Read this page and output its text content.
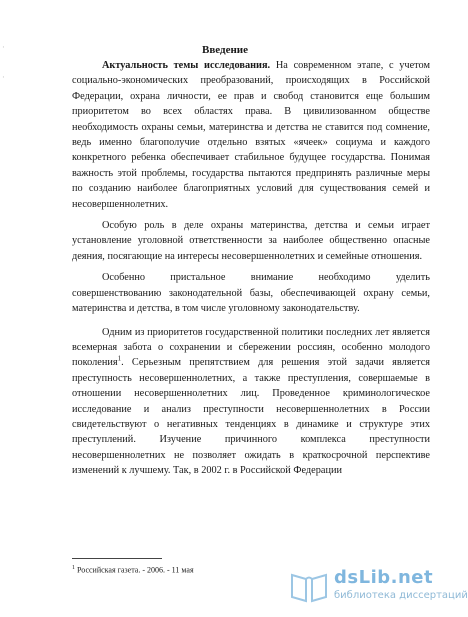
ˌ
ˌ
Введение

Актуальность темы исследования. На современном этапе, с учетом социально-экономических преобразований, происходящих в Российской Федерации, охрана личности, ее прав и свобод становится еще большим приоритетом во всех областях права. В цивилизованном обществе необходимость охраны семьи, материнства и детства не ставится под сомнение, ведь именно благополучие отдельно взятых «ячеек» социума и каждого конкретного ребенка обеспечивает стабильное будущее государства. Понимая важность этой проблемы, государства пытаются предпринять различные меры по созданию наиболее благоприятных условий для существования семей и несовершеннолетних.

Особую роль в деле охраны материнства, детства и семьи играет установление уголовной ответственности за наиболее общественно опасные деяния, посягающие на интересы несовершеннолетних и семейные отношения.

Особенно пристальное внимание необходимо уделить совершенствованию законодательной базы, обеспечивающей охрану семьи, материнства и детства, в том числе уголовному законодательству.

Одним из приоритетов государственной политики последних лет является всемерная забота о сохранении и сбережении россиян, особенно молодого поколения$^1$. Серьезным препятствием для решения этой задачи является преступность несовершеннолетних, а также преступления, совершаемые в отношении несовершеннолетних лиц. Проведенное криминологическое исследование и анализ преступности несовершеннолетних в России свидетельствуют о негативных тенденциях в динамике и структуре этих преступлений. Изучение причинного комплекса преступности несовершеннолетних не позволяет ожидать в краткосрочной перспективе изменений к лучшему. Так, в 2002 г. в Российской Федерации

$^1$ Российская газета. - 2006. - 11 мая	dsLib.net
библиотека диссертаций
